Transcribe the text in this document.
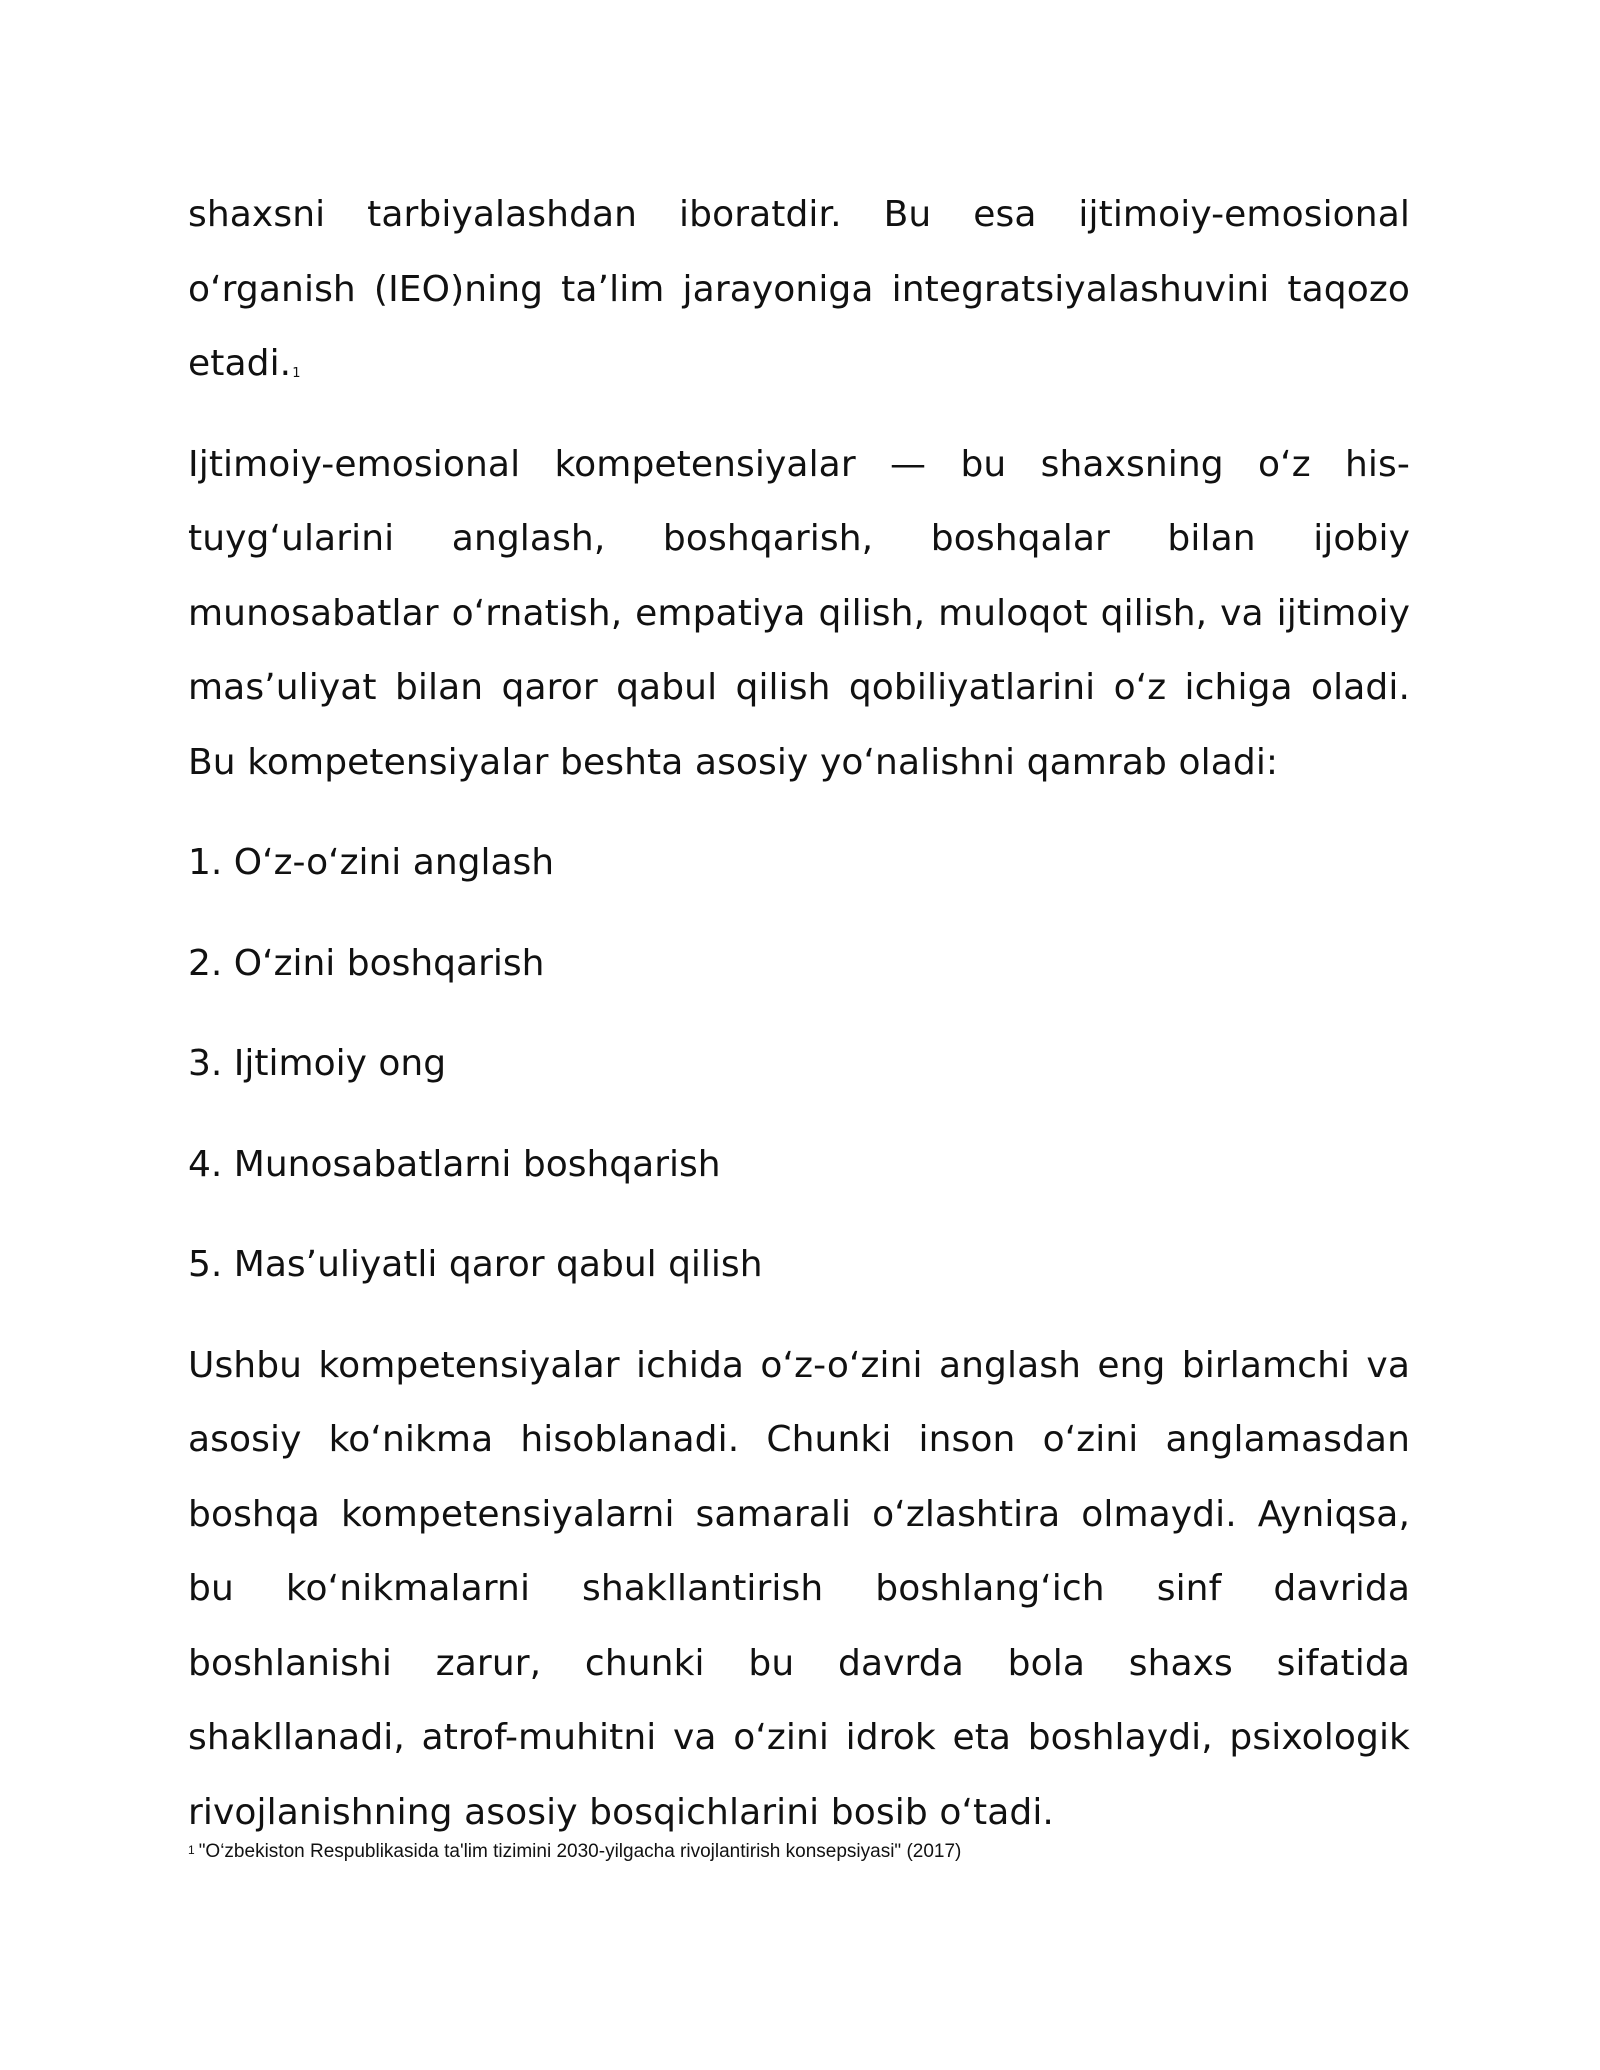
shaxsni tarbiyalashdan iboratdir. Bu esa ijtimoiy-emosional o‘rganish (IEO)ning ta’lim jarayoniga integratsiyalashuvini taqozo etadi.$^1$

Ijtimoiy-emosional kompetensiyalar — bu shaxsning o‘z his-tuyg‘ularini anglash, boshqarish, boshqalar bilan ijobiy munosabatlar o‘rnatish, empatiya qilish, muloqot qilish, va ijtimoiy mas’uliyat bilan qaror qabul qilish qobiliyatlarini o‘z ichiga oladi. Bu kompetensiyalar beshta asosiy yo‘nalishni qamrab oladi:

1. O‘z-o‘zini anglash
2. O‘zini boshqarish
3. Ijtimoiy ong
4. Munosabatlarni boshqarish
5. Mas’uliyatli qaror qabul qilish

Ushbu kompetensiyalar ichida o‘z-o‘zini anglash eng birlamchi va asosiy ko‘nikma hisoblanadi. Chunki inson o‘zini anglamasdan boshqa kompetensiyalarni samarali o‘zlashtira olmaydi. Ayniqsa, bu ko‘nikmalarni shakllantirish boshlang‘ich sinf davrida boshlanishi zarur, chunki bu davrda bola shaxs sifatida shakllanadi, atrof-muhitni va o‘zini idrok eta boshlaydi, psixologik rivojlanishning asosiy bosqichlarini bosib o‘tadi.

$^1$ "O‘zbekiston Respublikasida ta'lim tizimini 2030-yilgacha rivojlantirish konsepsiyasi" (2017)
